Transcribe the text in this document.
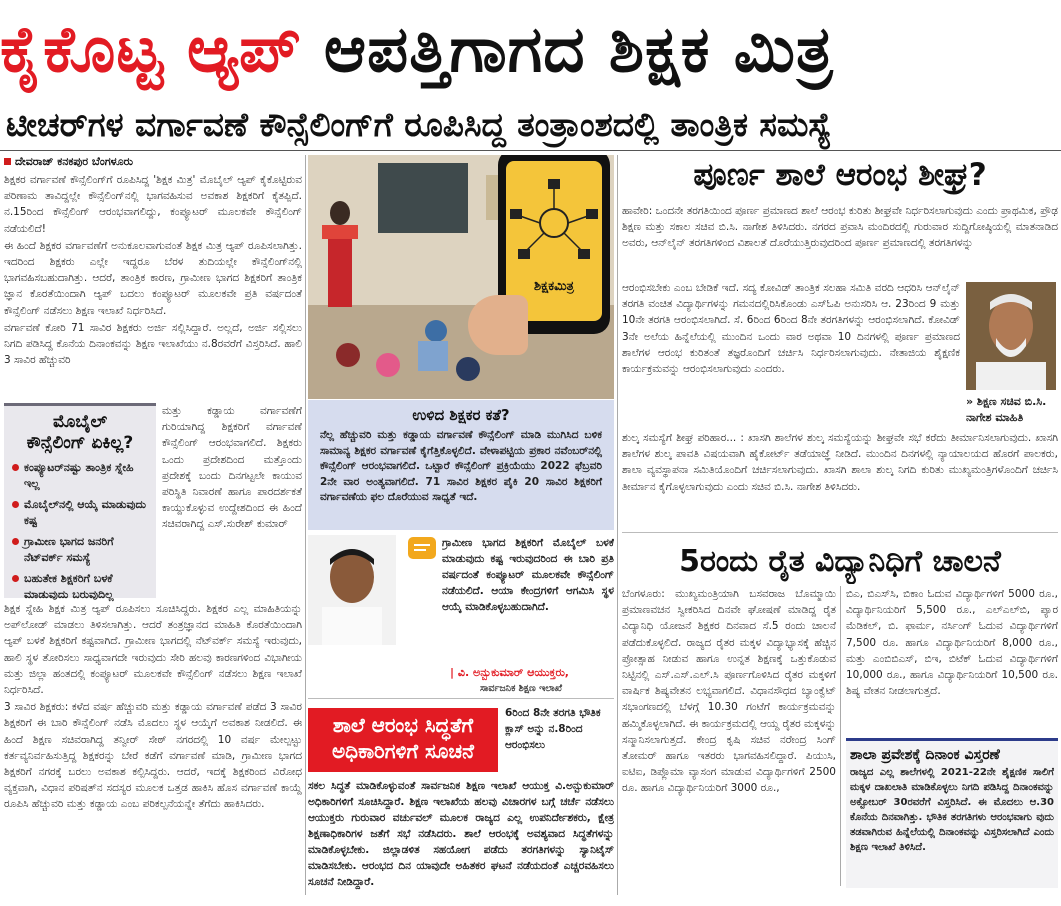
ಕೈಕೊಟ್ಟ ಆ್ಯಪ್ ಆಪತ್ತಿಗಾಗದ ಶಿಕ್ಷಕ ಮಿತ್ರ
ಟೀಚರ್‌ಗಳ ವರ್ಗಾವಣೆ ಕೌನ್ಸೆಲಿಂಗ್‌ಗೆ ರೂಪಿಸಿದ್ದ ತಂತ್ರಾಂಶದಲ್ಲಿ ತಾಂತ್ರಿಕ ಸಮಸ್ಯೆ
ದೇವರಾಜ್ ಕನಕಪುರ ಬೆಂಗಳೂರು

ಶಿಕ್ಷಕರ ವರ್ಗಾವಣೆ ಕೌನ್ಸೆಲಿಂಗ್‌ಗೆ ರೂಪಿಸಿದ್ದ 'ಶಿಕ್ಷಕ ಮಿತ್ರ' ಮೊಬೈಲ್ ಆ್ಯಪ್ ಕೈಕೊಟ್ಟಿರುವ ಪರಿಣಾಮ ತಾವಿದ್ದಲ್ಲೇ ಕೌನ್ಸೆಲಿಂಗ್‌ನಲ್ಲಿ ಭಾಗವಹಿಸುವ ಅವಕಾಶ ಶಿಕ್ಷಕರಿಗೆ ಕೈತಪ್ಪಿದೆ. ನ.15ರಿಂದ ಕೌನ್ಸೆಲಿಂಗ್ ಆರಂಭವಾಗಲಿದ್ದು, ಕಂಪ್ಯೂಟರ್ ಮೂಲಕವೇ ಕೌನ್ಸೆಲಿಂಗ್ ನಡೆಯಲಿದೆ!

ಈ ಹಿಂದೆ ಶಿಕ್ಷಕರ ವರ್ಗಾವಣೆಗೆ ಅನುಕೂಲವಾಗುವಂತೆ ಶಿಕ್ಷಕ ಮಿತ್ರ ಆ್ಯಪ್ ರೂಪಿಸಲಾಗಿತ್ತು. ಇದರಿಂದ ಶಿಕ್ಷಕರು ಎಲ್ಲೇ ಇದ್ದರೂ ಬೆರಳ ತುದಿಯಲ್ಲೇ ಕೌನ್ಸೆಲಿಂಗ್‌ನಲ್ಲಿ ಭಾಗವಹಿಸಬಹುದಾಗಿತ್ತು. ಆದರೆ, ತಾಂತ್ರಿಕ ಕಾರಣ, ಗ್ರಾಮೀಣ ಭಾಗದ ಶಿಕ್ಷಕರಿಗೆ ತಾಂತ್ರಿಕ ಜ್ಞಾನ ಕೊರತೆಯಿಂದಾಗಿ ಆ್ಯಪ್ ಬದಲು ಕಂಪ್ಯೂಟರ್ ಮೂಲಕವೇ ಪ್ರತಿ ವರ್ಷದಂತೆ ಕೌನ್ಸೆಲಿಂಗ್ ನಡೆಸಲು ಶಿಕ್ಷಣ ಇಲಾಖೆ ನಿರ್ಧರಿಸಿದೆ.

ವರ್ಗಾವಣೆ ಕೋರಿ 71 ಸಾವಿರ ಶಿಕ್ಷಕರು ಅರ್ಜಿ ಸಲ್ಲಿಸಿದ್ದಾರೆ. ಅಲ್ಲದೆ, ಅರ್ಜಿ ಸಲ್ಲಿಸಲು ನಿಗದಿ ಪಡಿಸಿದ್ದ ಕೊನೆಯ ದಿನಾಂಕವನ್ನು ಶಿಕ್ಷಣ ಇಲಾಖೆಯು ನ.8ರವರೆಗೆ ವಿಸ್ತರಿಸಿದೆ. ಹಾಲಿ 3 ಸಾವಿರ ಹೆಚ್ಚುವರಿ

ಮೊಬೈಲ್
ಕೌನ್ಸೆಲಿಂಗ್ ಏಕಿಲ್ಲ?
ಕಂಪ್ಯೂಟರ್‌ನಷ್ಟು ತಾಂತ್ರಿಕ ಸ್ನೇಹಿ ಇಲ್ಲ
ಮೊಬೈಲ್‌ನಲ್ಲಿ ಆಯ್ಕೆ ಮಾಡುವುದು ಕಷ್ಟ
ಗ್ರಾಮೀಣ ಭಾಗದ ಜನರಿಗೆ ನೆಟ್‌ವರ್ಕ್ ಸಮಸ್ಯೆ
ಬಹುತೇಕ ಶಿಕ್ಷಕರಿಗೆ ಬಳಕೆ ಮಾಡುವುದು ಬರುವುದಿಲ್ಲ

ಮತ್ತು ಕಡ್ಡಾಯ ವರ್ಗಾವಣೆಗೆ ಗುರಿಯಾಗಿದ್ದ ಶಿಕ್ಷಕರಿಗೆ ವರ್ಗಾವಣೆ ಕೌನ್ಸೆಲಿಂಗ್ ಆರಂಭವಾಗಲಿದೆ. ಶಿಕ್ಷಕರು ಒಂದು ಪ್ರದೇಶದಿಂದ ಮತ್ತೊಂದು ಪ್ರದೇಶಕ್ಕೆ ಬಂದು ದಿನಗಟ್ಟಲೇ ಕಾಯುವ ಪರಿಸ್ಥಿತಿ ನಿವಾರಣೆ ಹಾಗೂ ಪಾರದರ್ಶಕತೆ ಕಾಯ್ದುಕೊಳ್ಳುವ ಉದ್ದೇಶದಿಂದ ಈ ಹಿಂದೆ ಸಚಿವರಾಗಿದ್ದ ಎಸ್.ಸುರೇಶ್ ಕುಮಾರ್

ಶಿಕ್ಷಕ ಸ್ನೇಹಿ ಶಿಕ್ಷಕ ಮಿತ್ರ ಆ್ಯಪ್ ರೂಪಿಸಲು ಸೂಚಿಸಿದ್ದರು. ಶಿಕ್ಷಕರ ಎಲ್ಲ ಮಾಹಿತಿಯನ್ನು ಅಪ್‌ಲೋಡ್ ಮಾಡಲು ತಿಳಿಸಲಾಗಿತ್ತು. ಆದರೆ ತಂತ್ರಜ್ಞಾನದ ಮಾಹಿತಿ ಕೊರತೆಯಿಂದಾಗಿ ಆ್ಯಪ್ ಬಳಕೆ ಶಿಕ್ಷಕರಿಗೆ ಕಷ್ಟವಾಗಿದೆ. ಗ್ರಾಮೀಣ ಭಾಗದಲ್ಲಿ ನೆಟ್‌ವರ್ಕ್ ಸಮಸ್ಯೆ ಇರುವುದು, ಹಾಲಿ ಸ್ಥಳ ತೋರಿಸಲು ಸಾಧ್ಯವಾಗದೇ ಇರುವುದು ಸೇರಿ ಹಲವು ಕಾರಣಗಳಿಂದ ವಿಭಾಗೀಯ ಮತ್ತು ಜಿಲ್ಲಾ ಹಂತದಲ್ಲಿ ಕಂಪ್ಯೂಟರ್ ಮೂಲಕವೇ ಕೌನ್ಸೆಲಿಂಗ್ ನಡೆಸಲು ಶಿಕ್ಷಣ ಇಲಾಖೆ ನಿರ್ಧರಿಸಿದೆ.

3 ಸಾವಿರ ಶಿಕ್ಷಕರು: ಕಳೆದ ವರ್ಷ ಹೆಚ್ಚುವರಿ ಮತ್ತು ಕಡ್ಡಾಯ ವರ್ಗಾವಣೆ ಪಡೆದ 3 ಸಾವಿರ ಶಿಕ್ಷಕರಿಗೆ ಈ ಬಾರಿ ಕೌನ್ಸೆಲಿಂಗ್ ನಡೆಸಿ ಮೊದಲು ಸ್ಥಳ ಆಯ್ಕೆಗೆ ಅವಕಾಶ ನೀಡಲಿದೆ. ಈ ಹಿಂದೆ ಶಿಕ್ಷಣ ಸಚಿವರಾಗಿದ್ದ ತನ್ವೀರ್ ಸೇಠ್ ನಗರದಲ್ಲಿ 10 ವರ್ಷ ಮೇಲ್ಪಟ್ಟು ಕರ್ತವ್ಯನಿರ್ವಹಿಸುತ್ತಿದ್ದ ಶಿಕ್ಷಕರನ್ನು ಬೇರೆ ಕಡೆಗೆ ವರ್ಗಾವಣೆ ಮಾಡಿ, ಗ್ರಾಮೀಣ ಭಾಗದ ಶಿಕ್ಷಕರಿಗೆ ನಗರಕ್ಕೆ ಬರಲು ಅವಕಾಶ ಕಲ್ಪಿಸಿದ್ದರು. ಆದರೆ, ಇದಕ್ಕೆ ಶಿಕ್ಷಕರಿಂದ ವಿರೋಧ ವ್ಯಕ್ತವಾಗಿ, ವಿಧಾನ ಪರಿಷತ್‌ನ ಸದಸ್ಯರ ಮೂಲಕ ಒತ್ತಡ ಹಾಕಿಸಿ ಹೊಸ ವರ್ಗಾವಣೆ ಕಾಯ್ದೆ ರೂಪಿಸಿ ಹೆಚ್ಚುವರಿ ಮತ್ತು ಕಡ್ಡಾಯ ಎಂಬ ಪರಿಕಲ್ಪನೆಯನ್ನೇ ತೆಗೆದು ಹಾಕಿಸಿದರು.

ಶಿಕ್ಷಕಮಿತ್ರ
ಉಳಿದ ಶಿಕ್ಷಕರ ಕತೆ?
ನೆಲ್ಲ ಹೆಚ್ಚುವರಿ ಮತ್ತು ಕಡ್ಡಾಯ ವರ್ಗಾವಣೆ ಕೌನ್ಸೆಲಿಂಗ್ ಮಾಡಿ ಮುಗಿಸಿದ ಬಳಿಕ ಸಾಮಾನ್ಯ ಶಿಕ್ಷಕರ ವರ್ಗಾವಣೆ ಕೈಗೆತ್ತಿಕೊಳ್ಳಲಿದೆ. ವೇಳಾಪಟ್ಟಿಯ ಪ್ರಕಾರ ನವೆಂಬರ್‌ನಲ್ಲಿ ಕೌನ್ಸೆಲಿಂಗ್ ಆರಂಭವಾಗಲಿದೆ. ಒಟ್ಟಾರೆ ಕೌನ್ಸೆಲಿಂಗ್ ಪ್ರಕ್ರಿಯೆಯು 2022 ಫೆಬ್ರವರಿ 2ನೇ ವಾರ ಅಂತ್ಯವಾಗಲಿದೆ. 71 ಸಾವಿರ ಶಿಕ್ಷಕರ ಪೈಕಿ 20 ಸಾವಿರ ಶಿಕ್ಷಕರಿಗೆ ವರ್ಗಾವಣೆಯ ಫಲ ದೊರೆಯುವ ಸಾಧ್ಯತೆ ಇದೆ.
ಗ್ರಾಮೀಣ ಭಾಗದ ಶಿಕ್ಷಕರಿಗೆ ಮೊಬೈಲ್ ಬಳಕೆ ಮಾಡುವುದು ಕಷ್ಟ ಇರುವುದರಿಂದ ಈ ಬಾರಿ ಪ್ರತಿ ವರ್ಷದಂತೆ ಕಂಪ್ಯೂಟರ್ ಮೂಲಕವೇ ಕೌನ್ಸೆಲಿಂಗ್ ನಡೆಯಲಿದೆ. ಆಯಾ ಕೇಂದ್ರಗಳಿಗೆ ಆಗಮಿಸಿ ಸ್ಥಳ ಆಯ್ಕೆ ಮಾಡಿಕೊಳ್ಳಬಹುದಾಗಿದೆ.
| ವಿ. ಅನ್ಬುಕುಮಾರ್ ಆಯುಕ್ತರು,
ಸಾರ್ವಜನಿಕ ಶಿಕ್ಷಣ ಇಲಾಖೆ
ಶಾಲೆ ಆರಂಭ ಸಿದ್ಧತೆಗೆ
ಅಧಿಕಾರಿಗಳಿಗೆ ಸೂಚನೆ
6ರಿಂದ 8ನೇ ತರಗತಿ ಭೌತಿಕ ಕ್ಲಾಸ್ ಅನ್ನು ನ.8ರಿಂದ ಆರಂಭಿಸಲು
ಸಕಲ ಸಿದ್ಧತೆ ಮಾಡಿಕೊಳ್ಳುವಂತೆ ಸಾರ್ವಜನಿಕ ಶಿಕ್ಷಣ ಇಲಾಖೆ ಆಯುಕ್ತ ವಿ.ಅನ್ಬುಕುಮಾರ್ ಅಧಿಕಾರಿಗಳಿಗೆ ಸೂಚಿಸಿದ್ದಾರೆ. ಶಿಕ್ಷಣ ಇಲಾಖೆಯ ಹಲವು ವಿಚಾರಗಳ ಬಗ್ಗೆ ಚರ್ಚೆ ನಡೆಸಲು ಆಯುಕ್ತರು ಗುರುವಾರ ವರ್ಚುವಲ್ ಮೂಲಕ ರಾಜ್ಯದ ಎಲ್ಲ ಉಪನಿರ್ದೇಶಕರು, ಕ್ಷೇತ್ರ ಶಿಕ್ಷಣಾಧಿಕಾರಿಗಳ ಜತೆಗೆ ಸಭೆ ನಡೆಸಿದರು. ಶಾಲೆ ಆರಂಭಕ್ಕೆ ಅವಶ್ಯವಾದ ಸಿದ್ಧತೆಗಳನ್ನು ಮಾಡಿಕೊಳ್ಳಬೇಕು. ಜಿಲ್ಲಾಡಳಿತ ಸಹಯೋಗ ಪಡೆದು ತರಗತಿಗಳನ್ನು ಸ್ಯಾನಿಟೈಸ್ ಮಾಡಿಸಬೇಕು. ಆರಂಭದ ದಿನ ಯಾವುದೇ ಅಹಿತಕರ ಘಟನೆ ನಡೆಯದಂತೆ ಎಚ್ಚರವಹಿಸಲು ಸೂಚನೆ ನೀಡಿದ್ದಾರೆ.
ಪೂರ್ಣ ಶಾಲೆ ಆರಂಭ ಶೀಘ್ರ?
ಹಾವೇರಿ: ಒಂದನೇ ತರಗತಿಯಿಂದ ಪೂರ್ಣ ಪ್ರಮಾಣದ ಶಾಲೆ ಆರಂಭ ಕುರಿತು ಶೀಘ್ರವೇ ನಿರ್ಧರಿಸಲಾಗುವುದು ಎಂದು ಪ್ರಾಥಮಿಕ, ಪ್ರೌಢ ಶಿಕ್ಷಣ ಮತ್ತು ಸಕಾಲ ಸಚಿವ ಬಿ.ಸಿ. ನಾಗೇಶ ತಿಳಿಸಿದರು. ನಗರದ ಪ್ರವಾಸಿ ಮಂದಿರದಲ್ಲಿ ಗುರುವಾರ ಸುದ್ದಿಗೋಷ್ಠಿಯಲ್ಲಿ ಮಾತನಾಡಿದ ಅವರು, ಆನ್‌ಲೈನ್ ತರಗತಿಗಳಿಂದ ವಿಶಾಲತೆ ದೊರೆಯುತ್ತಿರುವುದರಿಂದ ಪೂರ್ಣ ಪ್ರಮಾಣದಲ್ಲಿ ತರಗತಿಗಳನ್ನು
ಆರಂಭಿಸಬೇಕು ಎಂಬ ಬೇಡಿಕೆ ಇದೆ. ಸದ್ಯ ಕೋವಿಡ್ ತಾಂತ್ರಿಕ ಸಲಹಾ ಸಮಿತಿ ವರದಿ ಆಧರಿಸಿ ಆನ್‌ಲೈನ್ ತರಗತಿ ವಂಚಿತ ವಿದ್ಯಾರ್ಥಿಗಳನ್ನು ಗಮನದಲ್ಲಿರಿಸಿಕೊಂಡು ಎಸ್‌ಓಪಿ ಅನುಸರಿಸಿ ಆ. 23ರಿಂದ 9 ಮತ್ತು 10ನೇ ತರಗತಿ ಆರಂಭಿಸಲಾಗಿದೆ. ಸೆ. 6ರಿಂದ 6ರಿಂದ 8ನೇ ತರಗತಿಗಳನ್ನು ಆರಂಭಿಸಲಾಗಿದೆ. ಕೋವಿಡ್ 3ನೇ ಅಲೆಯ ಹಿನ್ನೆಲೆಯಲ್ಲಿ ಮುಂದಿನ ಒಂದು ವಾರ ಅಥವಾ 10 ದಿನಗಳಲ್ಲಿ ಪೂರ್ಣ ಪ್ರಮಾಣದ ಶಾಲೆಗಳ ಆರಂಭ ಕುರಿತಂತೆ ತಜ್ಞರೊಂದಿಗೆ ಚರ್ಚಿಸಿ ನಿರ್ಧರಿಸಲಾಗುವುದು. ನೇತಾಜಿಯ ಶೈಕ್ಷಣಿಕ ಕಾರ್ಯಕ್ರಮವನ್ನು ಆರಂಭಿಸಲಾಗುವುದು ಎಂದರು.
» ಶಿಕ್ಷಣ ಸಚಿವ ಬಿ.ಸಿ. ನಾಗೇಶ ಮಾಹಿತಿ
ಶುಲ್ಕ ಸಮಸ್ಯೆಗೆ ಶೀಘ್ರ ಪರಿಹಾರ... : ಖಾಸಗಿ ಶಾಲೆಗಳ ಶುಲ್ಕ ಸಮಸ್ಯೆಯನ್ನು ಶೀಘ್ರವೇ ಸಭೆ ಕರೆದು ತೀರ್ಮಾನಿಸಲಾಗುವುದು. ಖಾಸಗಿ ಶಾಲೆಗಳ ಶುಲ್ಕ ಪಾವತಿ ವಿಷಯವಾಗಿ ಹೈಕೋರ್ಟ್ ತಡೆಯಾಜ್ಞೆ ನೀಡಿದೆ. ಮುಂದಿನ ದಿನಗಳಲ್ಲಿ ನ್ಯಾಯಾಲಯದ ಹೊರಗೆ ಪಾಲಕರು, ಶಾಲಾ ವ್ಯವಸ್ಥಾಪನಾ ಸಮಿತಿಯೊಂದಿಗೆ ಚರ್ಚಿಸಲಾಗುವುದು. ಖಾಸಗಿ ಶಾಲಾ ಶುಲ್ಕ ನಿಗದಿ ಕುರಿತು ಮುಖ್ಯಮಂತ್ರಿಗಳೊಂದಿಗೆ ಚರ್ಚಿಸಿ ತೀರ್ಮಾನ ಕೈಗೊಳ್ಳಲಾಗುವುದು ಎಂದು ಸಚಿವ ಬಿ.ಸಿ. ನಾಗೇಶ ತಿಳಿಸಿದರು.
5ರಂದು ರೈತ ವಿದ್ಯಾನಿಧಿಗೆ ಚಾಲನೆ
ಬೆಂಗಳೂರು: ಮುಖ್ಯಮಂತ್ರಿಯಾಗಿ ಬಸವರಾಜ ಬೊಮ್ಮಾಯಿ ಪ್ರಮಾಣವಚನ ಸ್ವೀಕರಿಸಿದ ದಿನವೇ ಘೋಷಣೆ ಮಾಡಿದ್ದ ರೈತ ವಿದ್ಯಾನಿಧಿ ಯೋಜನೆ ಶಿಕ್ಷಕರ ದಿನವಾದ ಸೆ.5 ರಂದು ಚಾಲನೆ ಪಡೆದುಕೊಳ್ಳಲಿದೆ. ರಾಜ್ಯದ ರೈತರ ಮಕ್ಕಳ ವಿದ್ಯಾಭ್ಯಾಸಕ್ಕೆ ಹೆಚ್ಚಿನ ಪ್ರೋತ್ಸಾಹ ನೀಡುವ ಹಾಗೂ ಉನ್ನತ ಶಿಕ್ಷಣಕ್ಕೆ ಒತ್ತುಕೊಡುವ ನಿಟ್ಟಿನಲ್ಲಿ ಎಸ್.ಎಸ್.ಎಲ್.ಸಿ ಪೂರ್ಣಗೊಳಿಸಿದ ರೈತರ ಮಕ್ಕಳಿಗೆ ವಾರ್ಷಿಕ ಶಿಷ್ಯವೇತನ ಲಭ್ಯವಾಗಲಿದೆ. ವಿಧಾನಸೌಧದ ಬ್ಯಾಂಕ್ವೆಟ್ ಸಭಾಂಗಣದಲ್ಲಿ ಬೆಳಗ್ಗೆ 10.30 ಗಂಟೆಗೆ ಕಾರ್ಯಕ್ರಮವನ್ನು ಹಮ್ಮಿಕೊಳ್ಳಲಾಗಿದೆ. ಈ ಕಾರ್ಯಕ್ರಮದಲ್ಲಿ ಆಯ್ದ ರೈತರ ಮಕ್ಕಳನ್ನು ಸನ್ಮಾನಿಸಲಾಗುತ್ತದೆ. ಕೇಂದ್ರ ಕೃಷಿ ಸಚಿವ ನರೇಂದ್ರ ಸಿಂಗ್ ತೋಮರ್ ಹಾಗೂ ಇತರರು ಭಾಗವಹಿಸಲಿದ್ದಾರೆ. ಪಿಯುಸಿ, ಐಟಿಐ, ಡಿಪ್ಲೊಮಾ ವ್ಯಾಸಂಗ ಮಾಡುವ ವಿದ್ಯಾರ್ಥಿಗಳಿಗೆ 2500 ರೂ. ಹಾಗೂ ವಿದ್ಯಾರ್ಥಿನಿಯರಿಗೆ 3000 ರೂ.,
ಬಿಎ, ಬಿಎಸ್‌ಸಿ, ಬಿಕಾಂ ಓದುವ ವಿದ್ಯಾರ್ಥಿಗಳಿಗೆ 5000 ರೂ., ವಿದ್ಯಾರ್ಥಿನಿಯರಿಗೆ 5,500 ರೂ., ಎಲ್‌ಎಲ್‌ಬಿ, ಪ್ಯಾರ ಮೆಡಿಕಲ್, ಬಿ. ಫಾರ್ಮ, ನರ್ಸಿಂಗ್ ಓದುವ ವಿದ್ಯಾರ್ಥಿಗಳಿಗೆ 7,500 ರೂ. ಹಾಗೂ ವಿದ್ಯಾರ್ಥಿನಿಯರಿಗೆ 8,000 ರೂ., ಮತ್ತು ಎಂಬಿಬಿಎಸ್, ಬಿಇ, ಬಿಟೆಕ್ ಓದುವ ವಿದ್ಯಾರ್ಥಿಗಳಿಗೆ 10,000 ರೂ., ಹಾಗೂ ವಿದ್ಯಾರ್ಥಿನಿಯರಿಗೆ 10,500 ರೂ. ಶಿಷ್ಯ ವೇತನ ನೀಡಲಾಗುತ್ತದೆ.
ಶಾಲಾ ಪ್ರವೇಶಕ್ಕೆ ದಿನಾಂಕ ವಿಸ್ತರಣೆ
ರಾಜ್ಯದ ಎಲ್ಲ ಶಾಲೆಗಳಲ್ಲಿ 2021-22ನೇ ಶೈಕ್ಷಣಿಕ ಸಾಲಿಗೆ ಮಕ್ಕಳ ದಾಖಲಾತಿ ಮಾಡಿಕೊಳ್ಳಲು ನಿಗದಿ ಪಡಿಸಿದ್ದ ದಿನಾಂಕವನ್ನು ಅಕ್ಟೋಬರ್ 30ರವರೆಗೆ ವಿಸ್ತರಿಸಿದೆ. ಈ ಮೊದಲು ಆ.30 ಕೊನೆಯ ದಿನವಾಗಿತ್ತು. ಭೌತಿಕ ತರಗತಿಗಳು ಆರಂಭವಾಗು ವುದು ತಡವಾಗಿರುವ ಹಿನ್ನೆಲೆಯಲ್ಲಿ ದಿನಾಂಕವನ್ನು ವಿಸ್ತರಿಸಲಾಗಿದೆ ಎಂದು ಶಿಕ್ಷಣ ಇಲಾಖೆ ತಿಳಿಸಿದೆ.
